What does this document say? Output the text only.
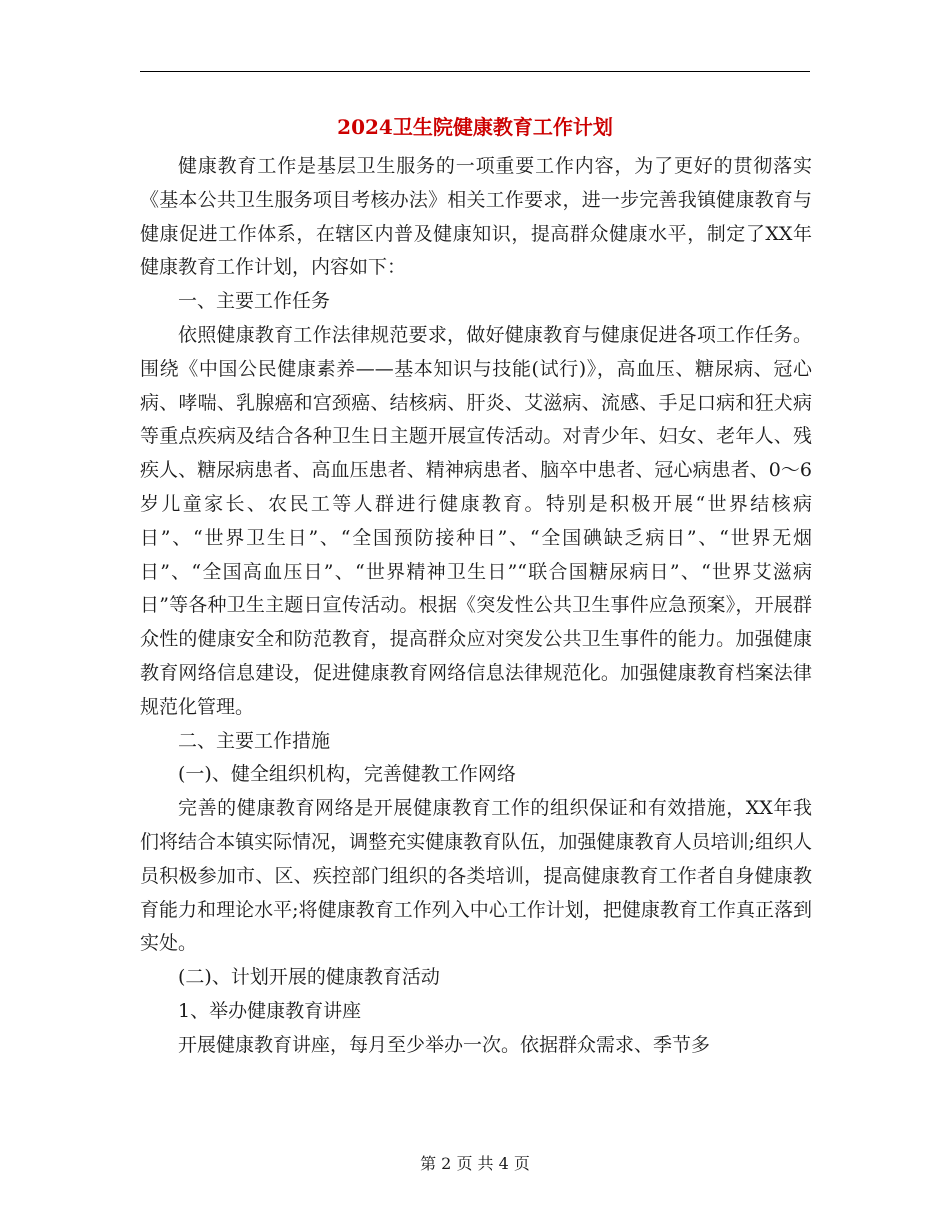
2024卫生院健康教育工作计划

健康教育工作是基层卫生服务的一项重要工作内容，为了更好的贯彻落实《基本公共卫生服务项目考核办法》相关工作要求，进一步完善我镇健康教育与健康促进工作体系，在辖区内普及健康知识，提高群众健康水平，制定了XX年健康教育工作计划，内容如下：

一、主要工作任务

依照健康教育工作法律规范要求，做好健康教育与健康促进各项工作任务。围绕《中国公民健康素养——基本知识与技能(试行)》，高血压、糖尿病、冠心病、哮喘、乳腺癌和宫颈癌、结核病、肝炎、艾滋病、流感、手足口病和狂犬病等重点疾病及结合各种卫生日主题开展宣传活动。对青少年、妇女、老年人、残疾人、糖尿病患者、高血压患者、精神病患者、脑卒中患者、冠心病患者、0～6岁儿童家长、农民工等人群进行健康教育。特别是积极开展“世界结核病日”、“世界卫生日”、“全国预防接种日”、“全国碘缺乏病日”、“世界无烟日”、“全国高血压日”、“世界精神卫生日”“联合国糖尿病日”、“世界艾滋病日”等各种卫生主题日宣传活动。根据《突发性公共卫生事件应急预案》，开展群众性的健康安全和防范教育，提高群众应对突发公共卫生事件的能力。加强健康教育网络信息建设，促进健康教育网络信息法律规范化。加强健康教育档案法律规范化管理。

二、主要工作措施

(一)、健全组织机构，完善健教工作网络

完善的健康教育网络是开展健康教育工作的组织保证和有效措施，XX年我们将结合本镇实际情况，调整充实健康教育队伍，加强健康教育人员培训;组织人员积极参加市、区、疾控部门组织的各类培训，提高健康教育工作者自身健康教育能力和理论水平;将健康教育工作列入中心工作计划，把健康教育工作真正落到实处。

(二)、计划开展的健康教育活动

1、举办健康教育讲座

开展健康教育讲座，每月至少举办一次。依据群众需求、季节多

第 2 页 共 4 页
